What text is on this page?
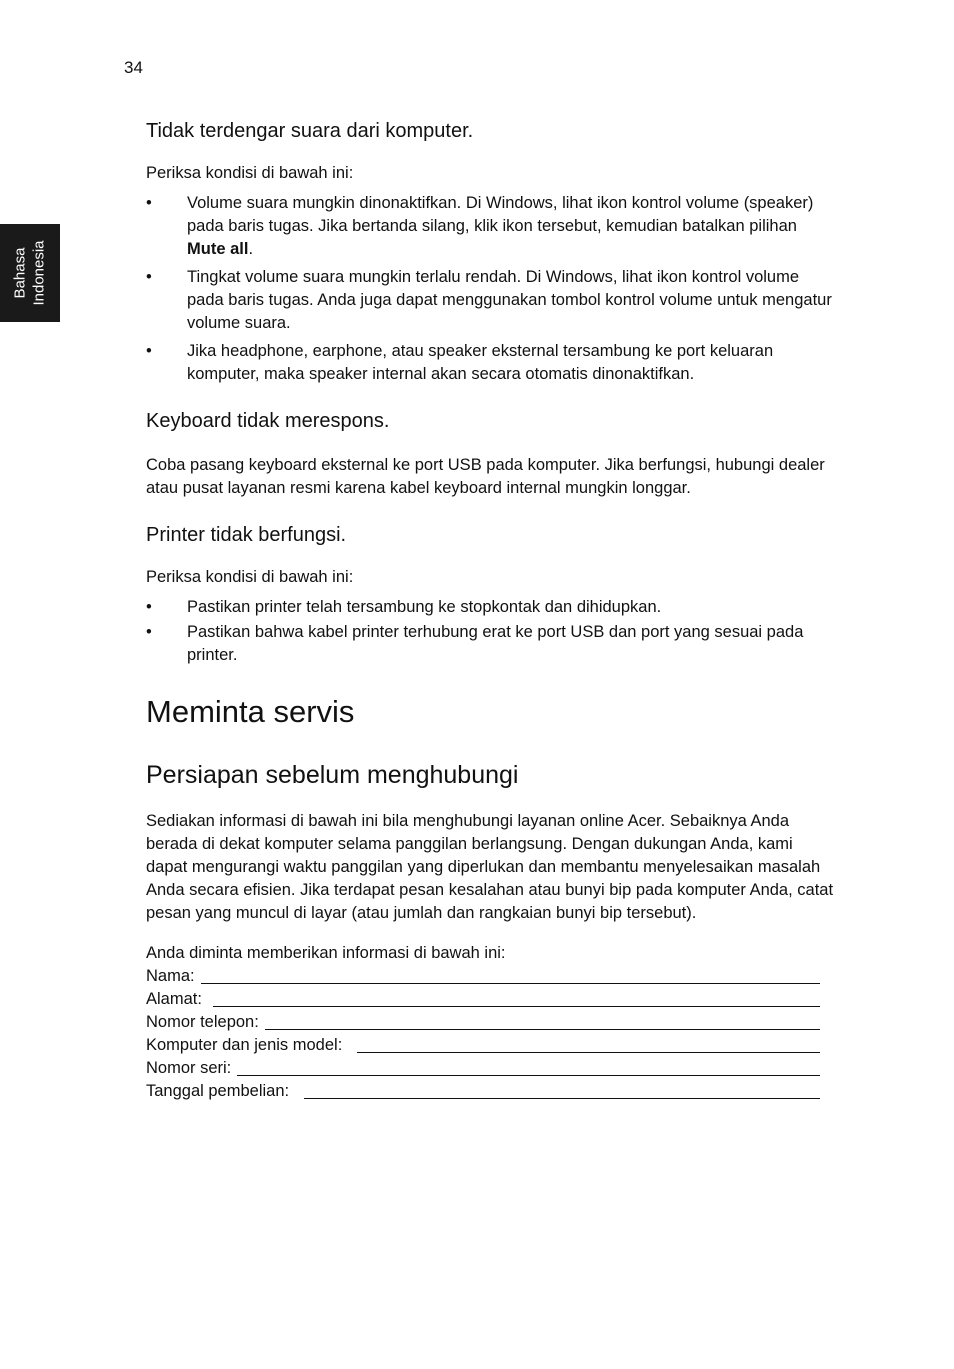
34
Bahasa Indonesia
Tidak terdengar suara dari komputer.

Periksa kondisi di bawah ini:

• Volume suara mungkin dinonaktifkan. Di Windows, lihat ikon kontrol volume (speaker) pada baris tugas. Jika bertanda silang, klik ikon tersebut, kemudian batalkan pilihan Mute all.
• Tingkat volume suara mungkin terlalu rendah. Di Windows, lihat ikon kontrol volume pada baris tugas. Anda juga dapat menggunakan tombol kontrol volume untuk mengatur volume suara.
• Jika headphone, earphone, atau speaker eksternal tersambung ke port keluaran komputer, maka speaker internal akan secara otomatis dinonaktifkan.
Keyboard tidak merespons.

Coba pasang keyboard eksternal ke port USB pada komputer. Jika berfungsi, hubungi dealer atau pusat layanan resmi karena kabel keyboard internal mungkin longgar.

Printer tidak berfungsi.

Periksa kondisi di bawah ini:

• Pastikan printer telah tersambung ke stopkontak dan dihidupkan.
• Pastikan bahwa kabel printer terhubung erat ke port USB dan port yang sesuai pada printer.
Meminta servis
Persiapan sebelum menghubungi

Sediakan informasi di bawah ini bila menghubungi layanan online Acer. Sebaiknya Anda berada di dekat komputer selama panggilan berlangsung. Dengan dukungan Anda, kami dapat mengurangi waktu panggilan yang diperlukan dan membantu menyelesaikan masalah Anda secara efisien. Jika terdapat pesan kesalahan atau bunyi bip pada komputer Anda, catat pesan yang muncul di layar (atau jumlah dan rangkaian bunyi bip tersebut).

Anda diminta memberikan informasi di bawah ini:

Nama:
Alamat:
Nomor telepon:
Komputer dan jenis model:
Nomor seri:
Tanggal pembelian:
